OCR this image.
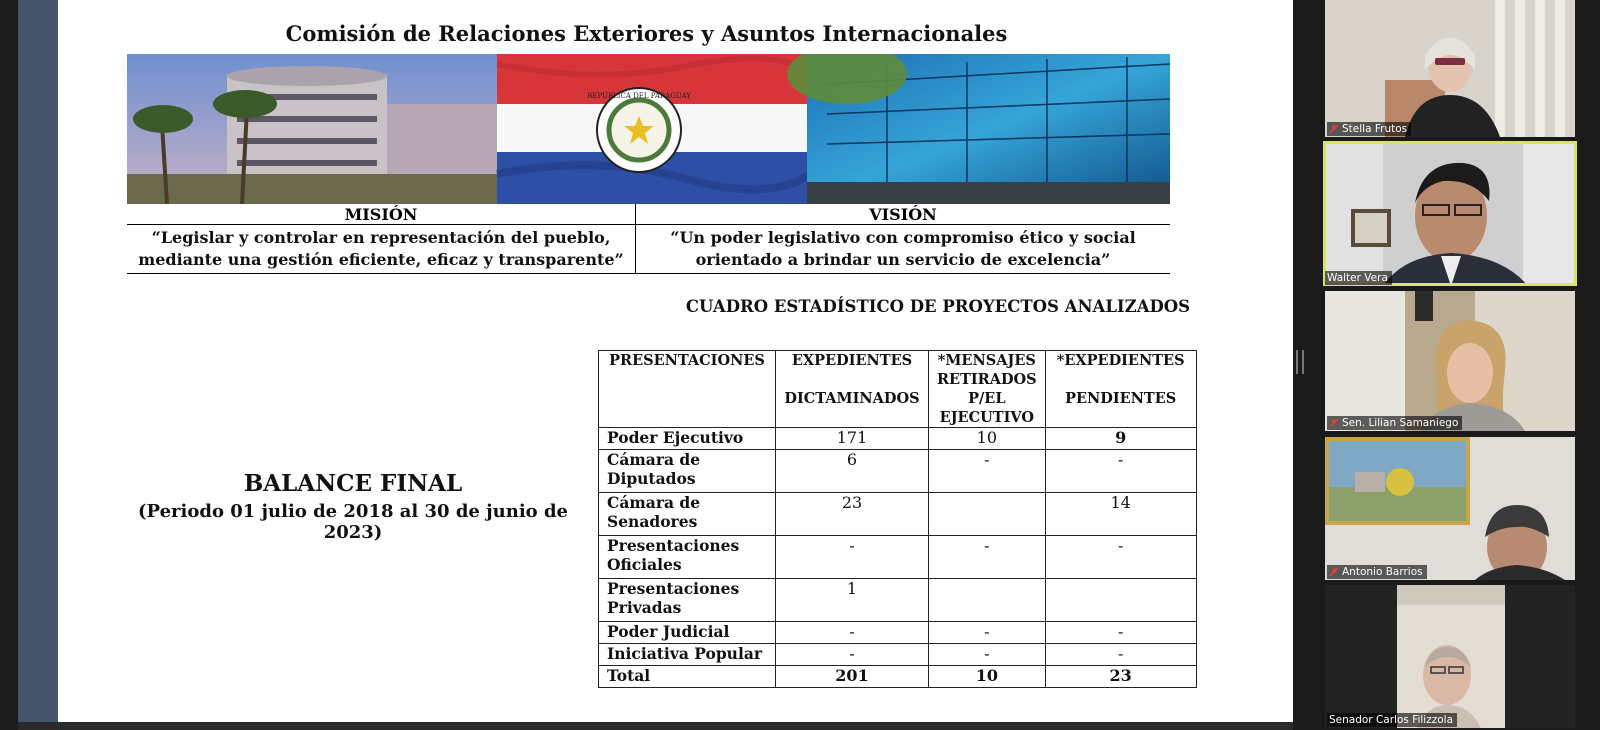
Comisión de Relaciones Exteriores y Asuntos Internacionales
REPÚBLICA DEL PARAGUAY
MISIÓN	VISIÓN
“Legislar y controlar en representación del pueblo, mediante una gestión eficiente, eficaz y transparente”	“Un poder legislativo con compromiso ético y social orientado a brindar un servicio de excelencia”
CUADRO ESTADÍSTICO DE PROYECTOS ANALIZADOS
BALANCE FINAL
(Periodo 01 julio de 2018 al 30 de junio de 2023)
PRESENTACIONES	EXPEDIENTES	*MENSAJES RETIRADOS	*EXPEDIENTES
	DICTAMINADOS	P/EL EJECUTIVO	PENDIENTES
Poder Ejecutivo	171	10	9
Cámara de Diputados	6	-	-
Cámara de Senadores	23		14
Presentaciones Oficiales	-	-	-
Presentaciones Privadas	1		
Poder Judicial	-	-	-
Iniciativa Popular	-	-	-
Total	201	10	23
Stella Frutos
Walter Vera
Sen. Lilian Samaniego
Antonio Barrios
Senador Carlos Filizzola
